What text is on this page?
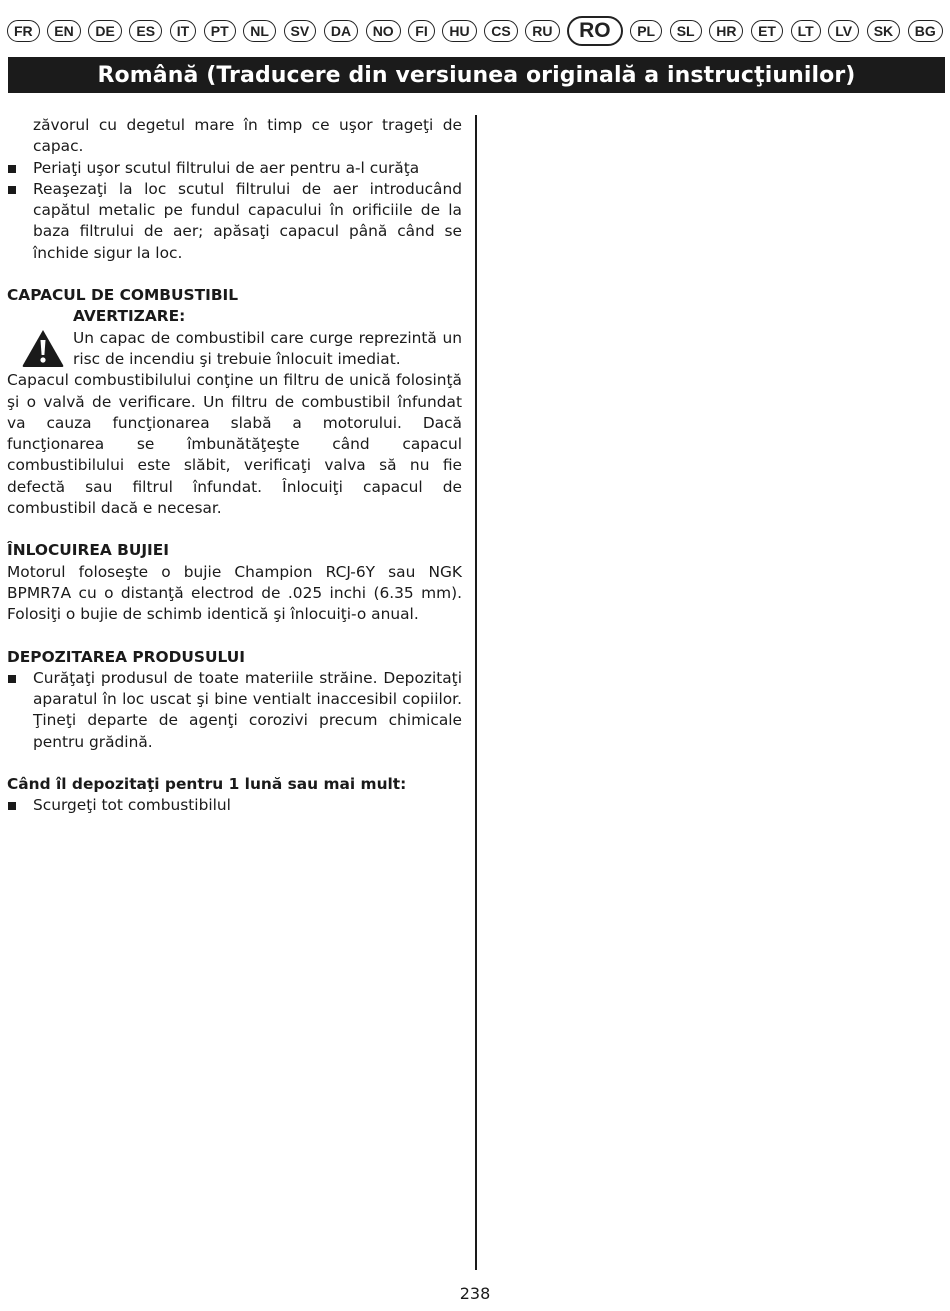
FR	EN	DE	ES	IT	PT	NL	SV	DA	NO	FI	HU	CS	RU	RO	PL	SL	HR	ET	LT	LV	SK	BG
Română (Traducere din versiunea originală a instrucţiunilor)

zăvorul cu degetul mare în timp ce uşor trageţi de capac.

Periaţi uşor scutul filtrului de aer pentru a-l curăţa
Reaşezaţi la loc scutul filtrului de aer introducând capătul metalic pe fundul capacului în orificiile de la baza filtrului de aer; apăsaţi capacul până când se închide sigur la loc.

CAPACUL DE COMBUSTIBIL

AVERTIZARE:
Un capac de combustibil care curge reprezintă un risc de incendiu şi trebuie înlocuit imediat.

Capacul combustibilului conţine un filtru de unică folosinţă şi o valvă de verificare. Un filtru de combustibil înfundat va cauza funcţionarea slabă a motorului. Dacă funcţionarea se îmbunătăţeşte când capacul combustibilului este slăbit, verificaţi valva să nu fie defectă sau filtrul înfundat. Înlocuiţi capacul de combustibil dacă e necesar.

ÎNLOCUIREA BUJIEI

Motorul foloseşte o bujie Champion RCJ-6Y sau NGK BPMR7A cu o distanţă electrod de .025 inchi (6.35 mm). Folosiţi o bujie de schimb identică şi înlocuiţi-o anual.

DEPOZITAREA PRODUSULUI

Curăţaţi produsul de toate materiile străine. Depozitaţi aparatul în loc uscat şi bine ventialt inaccesibil copiilor. Ţineţi departe de agenţi corozivi precum chimicale pentru grădină.

Când îl depozitaţi pentru 1 lună sau mai mult:

Scurgeţi tot combustibilul
238
